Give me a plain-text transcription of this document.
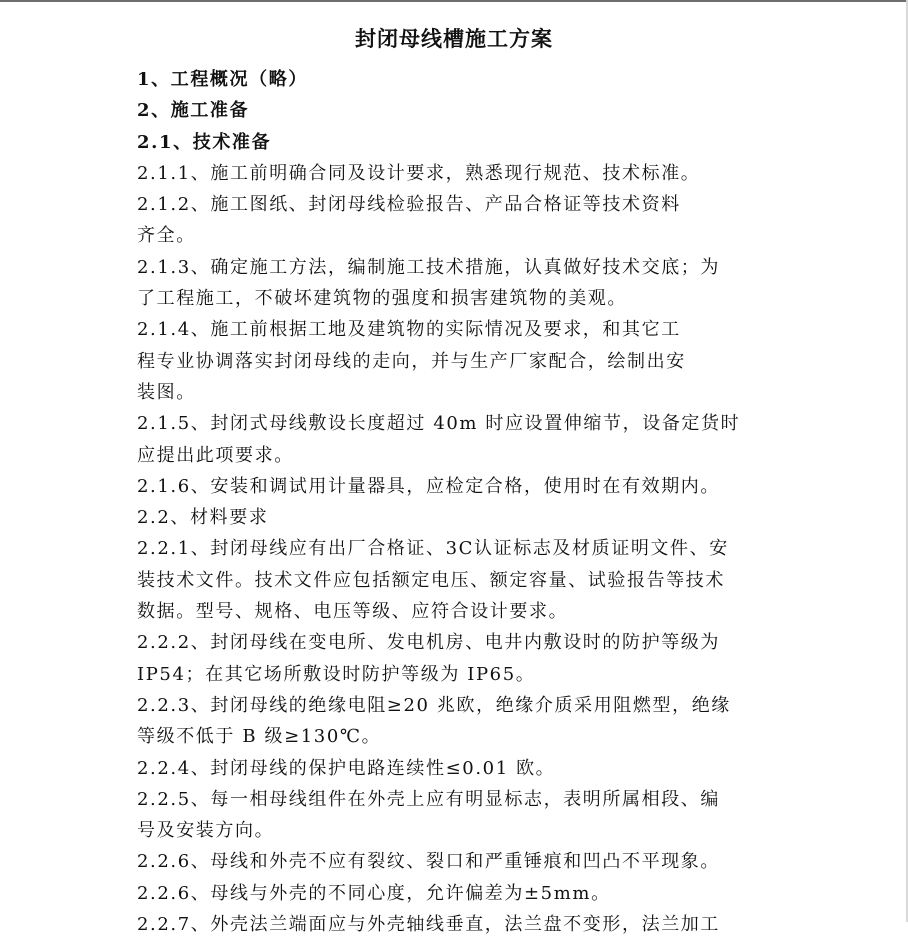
封闭母线槽施工方案
1、工程概况（略）
2、施工准备
2.1、技术准备
2.1.1、施工前明确合同及设计要求，熟悉现行规范、技术标准。
2.1.2、施工图纸、封闭母线检验报告、产品合格证等技术资料
齐全。
2.1.3、确定施工方法，编制施工技术措施，认真做好技术交底；为
了工程施工，不破坏建筑物的强度和损害建筑物的美观。
2.1.4、施工前根据工地及建筑物的实际情况及要求，和其它工
程专业协调落实封闭母线的走向，并与生产厂家配合，绘制出安
装图。
2.1.5、封闭式母线敷设长度超过 40m 时应设置伸缩节，设备定货时
应提出此项要求。
2.1.6、安装和调试用计量器具，应检定合格，使用时在有效期内。
2.2、材料要求
2.2.1、封闭母线应有出厂合格证、3C认证标志及材质证明文件、安
装技术文件。技术文件应包括额定电压、额定容量、试验报告等技术
数据。型号、规格、电压等级、应符合设计要求。
2.2.2、封闭母线在变电所、发电机房、电井内敷设时的防护等级为
IP54；在其它场所敷设时防护等级为 IP65。
2.2.3、封闭母线的绝缘电阻≥20 兆欧，绝缘介质采用阻燃型，绝缘
等级不低于 B 级≥130℃。
2.2.4、封闭母线的保护电路连续性≤0.01 欧。
2.2.5、每一相母线组件在外壳上应有明显标志，表明所属相段、编
号及安装方向。
2.2.6、母线和外壳不应有裂纹、裂口和严重锤痕和凹凸不平现象。
2.2.6、母线与外壳的不同心度，允许偏差为±5mm。
2.2.7、外壳法兰端面应与外壳轴线垂直，法兰盘不变形，法兰加工
